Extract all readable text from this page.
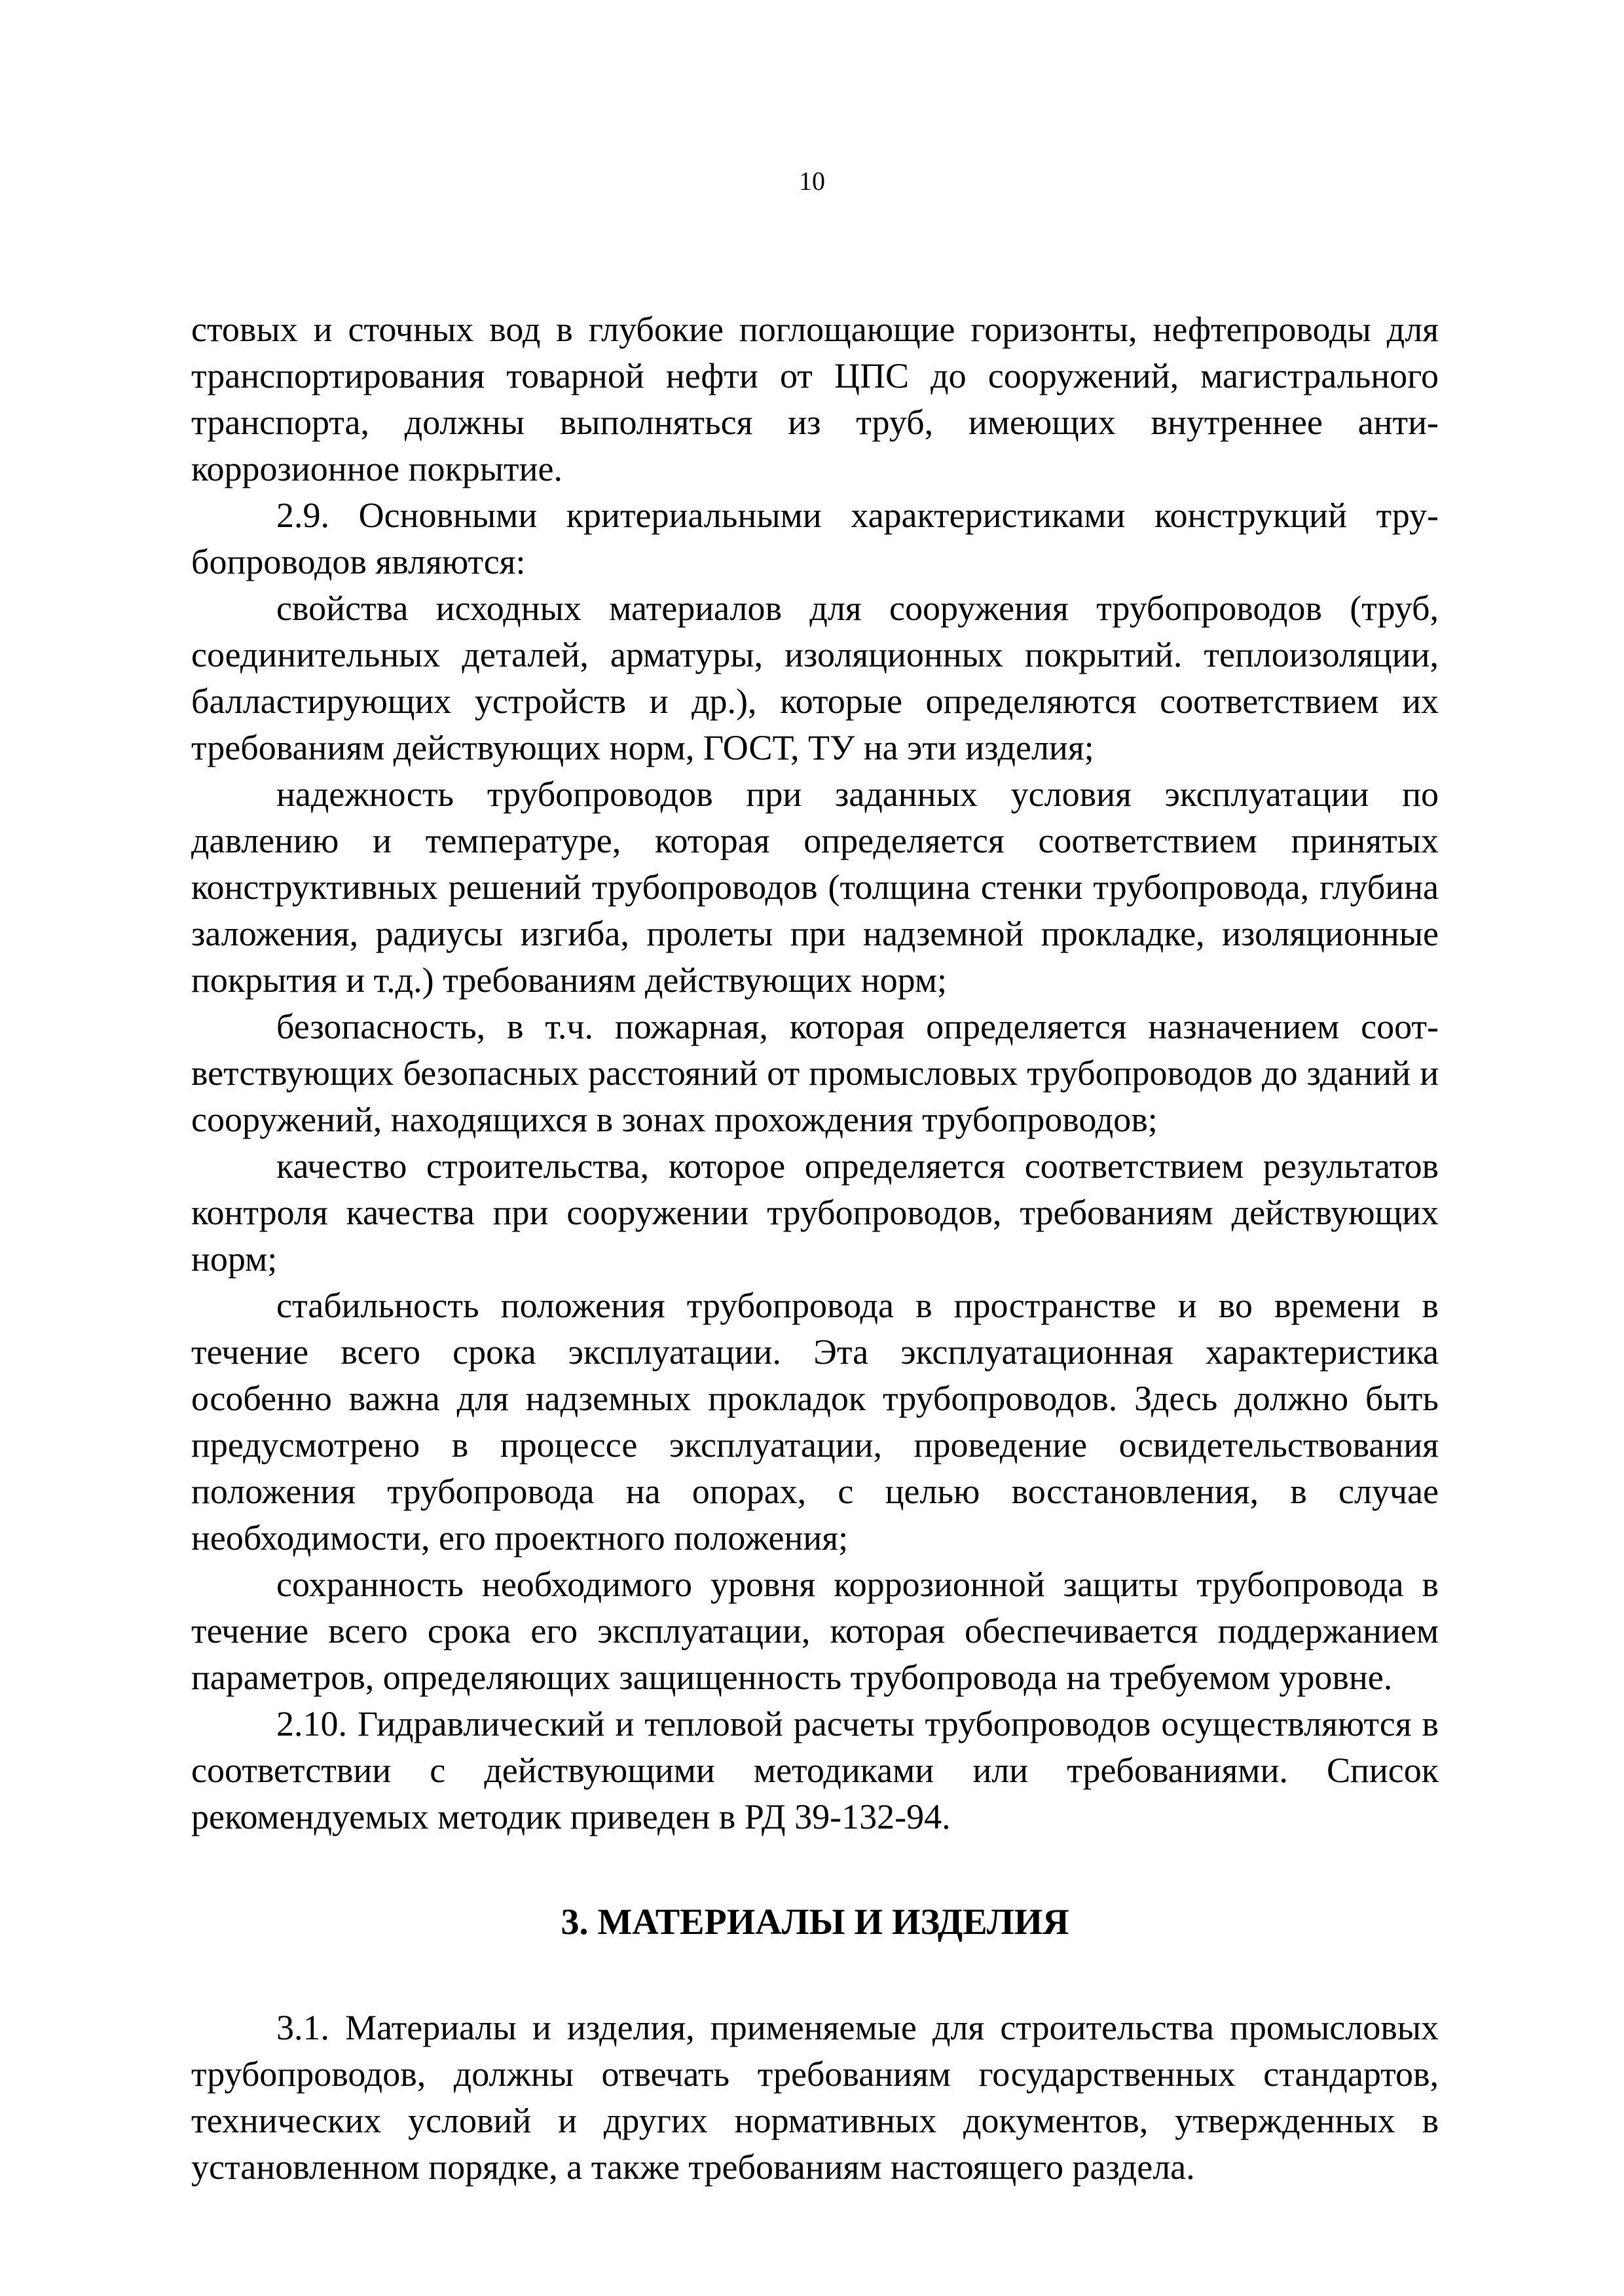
10

стовых и сточных вод в глубокие поглощающие горизонты, нефтепроводы для транспортирования товарной нефти от ЦПС до сооружений, магистрального транспорта, должны выполняться из труб, имеющих внутреннее антикоррозионное покрытие.

2.9. Основными критериальными характеристиками конструкций трубопроводов являются:

свойства исходных материалов для сооружения трубопроводов (труб, соединительных деталей, арматуры, изоляционных покрытий. теплоизоляции, балластирующих устройств и др.), которые определяются соответствием их требованиям действующих норм, ГОСТ, ТУ на эти изделия;

надежность трубопроводов при заданных условия эксплуатации по давлению и температуре, которая определяется соответствием принятых конструктивных решений трубопроводов (толщина стенки трубопровода, глубина заложения, радиусы изгиба, пролеты при надземной прокладке, изоляционные покрытия и т.д.) требованиям действующих норм;

безопасность, в т.ч. пожарная, которая определяется назначением соответствующих безопасных расстояний от промысловых трубопроводов до зданий и сооружений, находящихся в зонах прохождения трубопроводов;

качество строительства, которое определяется соответствием результатов контроля качества при сооружении трубопроводов, требованиям действующих норм;

стабильность положения трубопровода в пространстве и во времени в течение всего срока эксплуатации. Эта эксплуатационная характеристика особенно важна для надземных прокладок трубопроводов. Здесь должно быть предусмотрено в процессе эксплуатации, проведение освидетельствования положения трубопровода на опорах, с целью восстановления, в случае необходимости, его проектного положения;

сохранность необходимого уровня коррозионной защиты трубопровода в течение всего срока его эксплуатации, которая обеспечивается поддержанием параметров, определяющих защищенность трубопровода на требуемом уровне.

2.10. Гидравлический и тепловой расчеты трубопроводов осуществляются в соответствии с действующими методиками или требованиями. Список рекомендуемых методик приведен в РД 39-132-94.

3. МАТЕРИАЛЫ И ИЗДЕЛИЯ

3.1. Материалы и изделия, применяемые для строительства промысловых трубопроводов, должны отвечать требованиям государственных стандартов, технических условий и других нормативных документов, утвержденных в установленном порядке, а также требованиям настоящего раздела.
